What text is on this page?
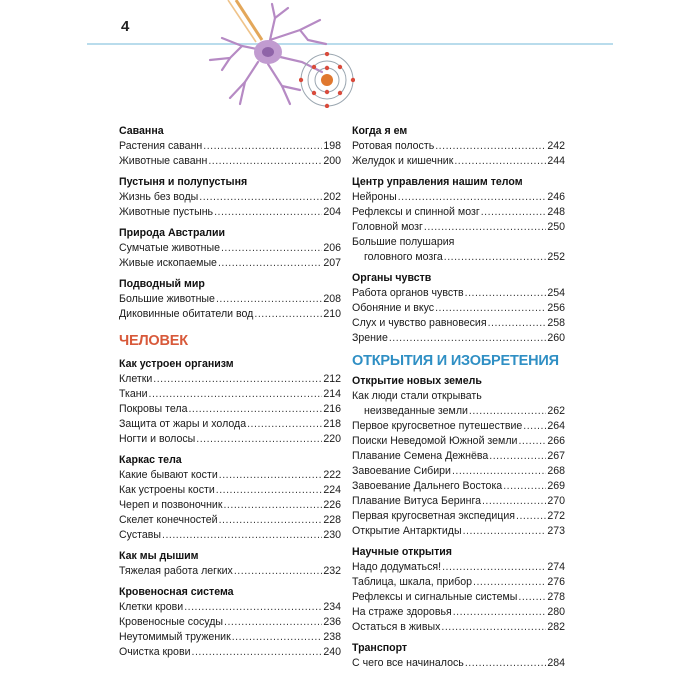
4
Саванна
Растения саванн .....	198
Животные саванн .....	200
Пустыня и полупустыня
Жизнь без воды .....	202
Животные пустынь .....	204
Природа Австралии
Сумчатые животные .....	206
Живые ископаемые .....	207
Подводный мир
Большие животные .....	208
Диковинные обитатели вод .....	210
ЧЕЛОВЕК
Как устроен организм
Клетки .....	212
Ткани .....	214
Покровы тела .....	216
Защита от жары и холода .....	218
Ногти и волосы .....	220
Каркас тела
Какие бывают кости .....	222
Как устроены кости .....	224
Череп и позвоночник .....	226
Скелет конечностей .....	228
Суставы .....	230
Как мы дышим
Тяжелая работа легких .....	232
Кровеносная система
Клетки крови .....	234
Кровеносные сосуды .....	236
Неутомимый труженик .....	238
Очистка крови .....	240
Когда я ем
Ротовая полость .....	242
Желудок и кишечник .....	244
Центр управления нашим телом
Нейроны .....	246
Рефлексы и спинной мозг .....	248
Головной мозг .....	250
Большие полушария
головного мозга .....	252
Органы чувств
Работа органов чувств .....	254
Обоняние и вкус .....	256
Слух и чувство равновесия .....	258
Зрение .....	260
ОТКРЫТИЯ И ИЗОБРЕТЕНИЯ
Открытие новых земель
Как люди стали открывать
неизведанные земли .....	262
Первое кругосветное путешествие ..... 264
Поиски Неведомой Южной земли .....	266
Плавание Семена Дежнёва .....	267
Завоевание Сибири .....	268
Завоевание Дальнего Востока .....	269
Плавание Витуса Беринга .....	270
Первая кругосветная экспедиция .....	272
Открытие Антарктиды .....	273
Научные открытия
Надо додуматься! .....	274
Таблица, шкала, прибор .....	276
Рефлексы и сигнальные системы .....	278
На страже здоровья .....	280
Остаться в живых .....	282
Транспорт
С чего все начиналось .....	284
